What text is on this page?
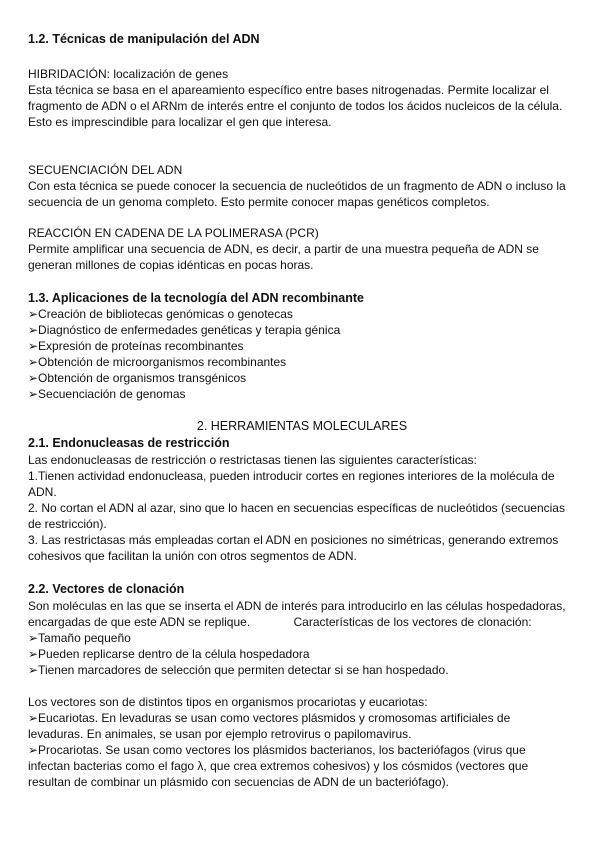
1.2. Técnicas de manipulación del ADN
HIBRIDACIÓN: localización de genes
Esta técnica se basa en el apareamiento específico entre bases nitrogenadas. Permite localizar el
fragmento de ADN o el ARNm de interés entre el conjunto de todos los ácidos nucleicos de la célula.
Esto es imprescindible para localizar el gen que interesa.
SECUENCIACIÓN DEL ADN
Con esta técnica se puede conocer la secuencia de nucleótidos de un fragmento de ADN o incluso la
secuencia de un genoma completo. Esto permite conocer mapas genéticos completos.
REACCIÓN EN CADENA DE LA POLIMERASA (PCR)
Permite amplificar una secuencia de ADN, es decir, a partir de una muestra pequeña de ADN se
generan millones de copias idénticas en pocas horas.
1.3. Aplicaciones de la tecnología del ADN recombinante
➢Creación de bibliotecas genómicas o genotecas
➢Diagnóstico de enfermedades genéticas y terapia génica
➢Expresión de proteínas recombinantes
➢Obtención de microorganismos recombinantes
➢Obtención de organismos transgénicos
➢Secuenciación de genomas
2. HERRAMIENTAS MOLECULARES
2.1. Endonucleasas de restricción
Las endonucleasas de restricción o restrictasas tienen las siguientes características:
1.Tienen actividad endonucleasa, pueden introducir cortes en regiones interiores de la molécula de
ADN.
2. No cortan el ADN al azar, sino que lo hacen en secuencias específicas de nucleótidos (secuencias
de restricción).
3. Las restrictasas más empleadas cortan el ADN en posiciones no simétricas, generando extremos
cohesivos que facilitan la unión con otros segmentos de ADN.
2.2. Vectores de clonación
Son moléculas en las que se inserta el ADN de interés para introducirlo en las células hospedadoras,
encargadas de que este ADN se replique.             Características de los vectores de clonación:
➢Tamaño pequeño
➢Pueden replicarse dentro de la célula hospedadora
➢Tienen marcadores de selección que permiten detectar si se han hospedado.
Los vectores son de distintos tipos en organismos procariotas y eucariotas:
➢Eucariotas. En levaduras se usan como vectores plásmidos y cromosomas artificiales de
levaduras. En animales, se usan por ejemplo retrovirus o papilomavirus.
➢Procariotas. Se usan como vectores los plásmidos bacterianos, los bacteriófagos (virus que
infectan bacterias como el fago λ, que crea extremos cohesivos) y los cósmidos (vectores que
resultan de combinar un plásmido con secuencias de ADN de un bacteriófago).
